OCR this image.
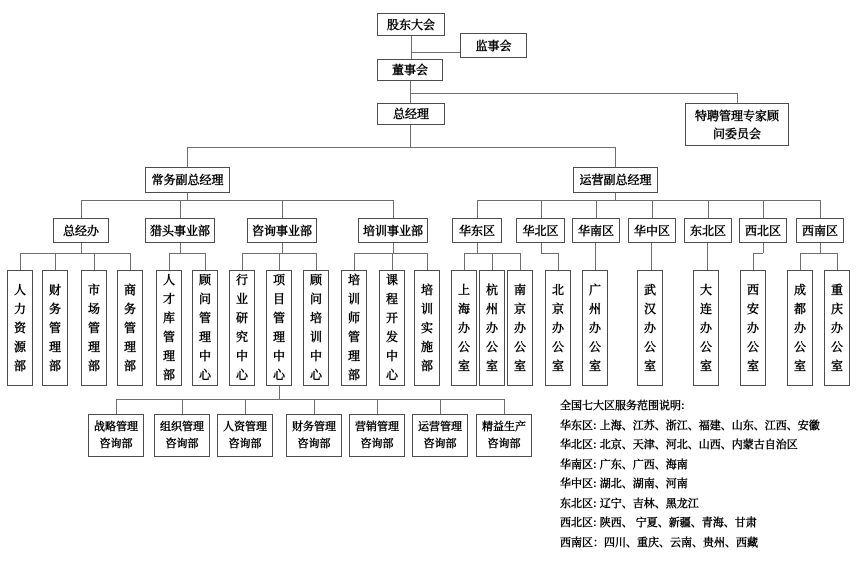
股东大会
监事会
董事会
总经理	特聘管理专家顾问委员会
常务副总经理	运营副总经理
总经办	猎头事业部	咨询事业部	培训事业部	华东区	华北区	华南区	华中区	东北区	西北区	西南区
人力资源部
财务管理部
市场管理部
商务管理部
人才库管理部
顾问管理中心
行业研究中心
项目管理中心
顾问培训中心
培训师管理部
课程开发中心
培训实施部
上海办公室
杭州办公室
南京办公室
北京办公室
广州办公室
武汉办公室
大连办公室
西安办公室
成都办公室
重庆办公室
战略管理咨询部
组织管理咨询部
人资管理咨询部
财务管理咨询部
营销管理咨询部
运营管理咨询部
精益生产咨询部
全国七大区服务范围说明:
华东区: 上海、江苏、浙江、福建、山东、江西、安徽
华北区: 北京、天津、河北、山西、内蒙古自治区
华南区: 广东、广西、海南
华中区: 湖北、湖南、河南
东北区: 辽宁、吉林、黑龙江
西北区: 陕西、 宁夏、新疆、青海、甘肃
西南区：四川、重庆、云南、贵州、西藏
